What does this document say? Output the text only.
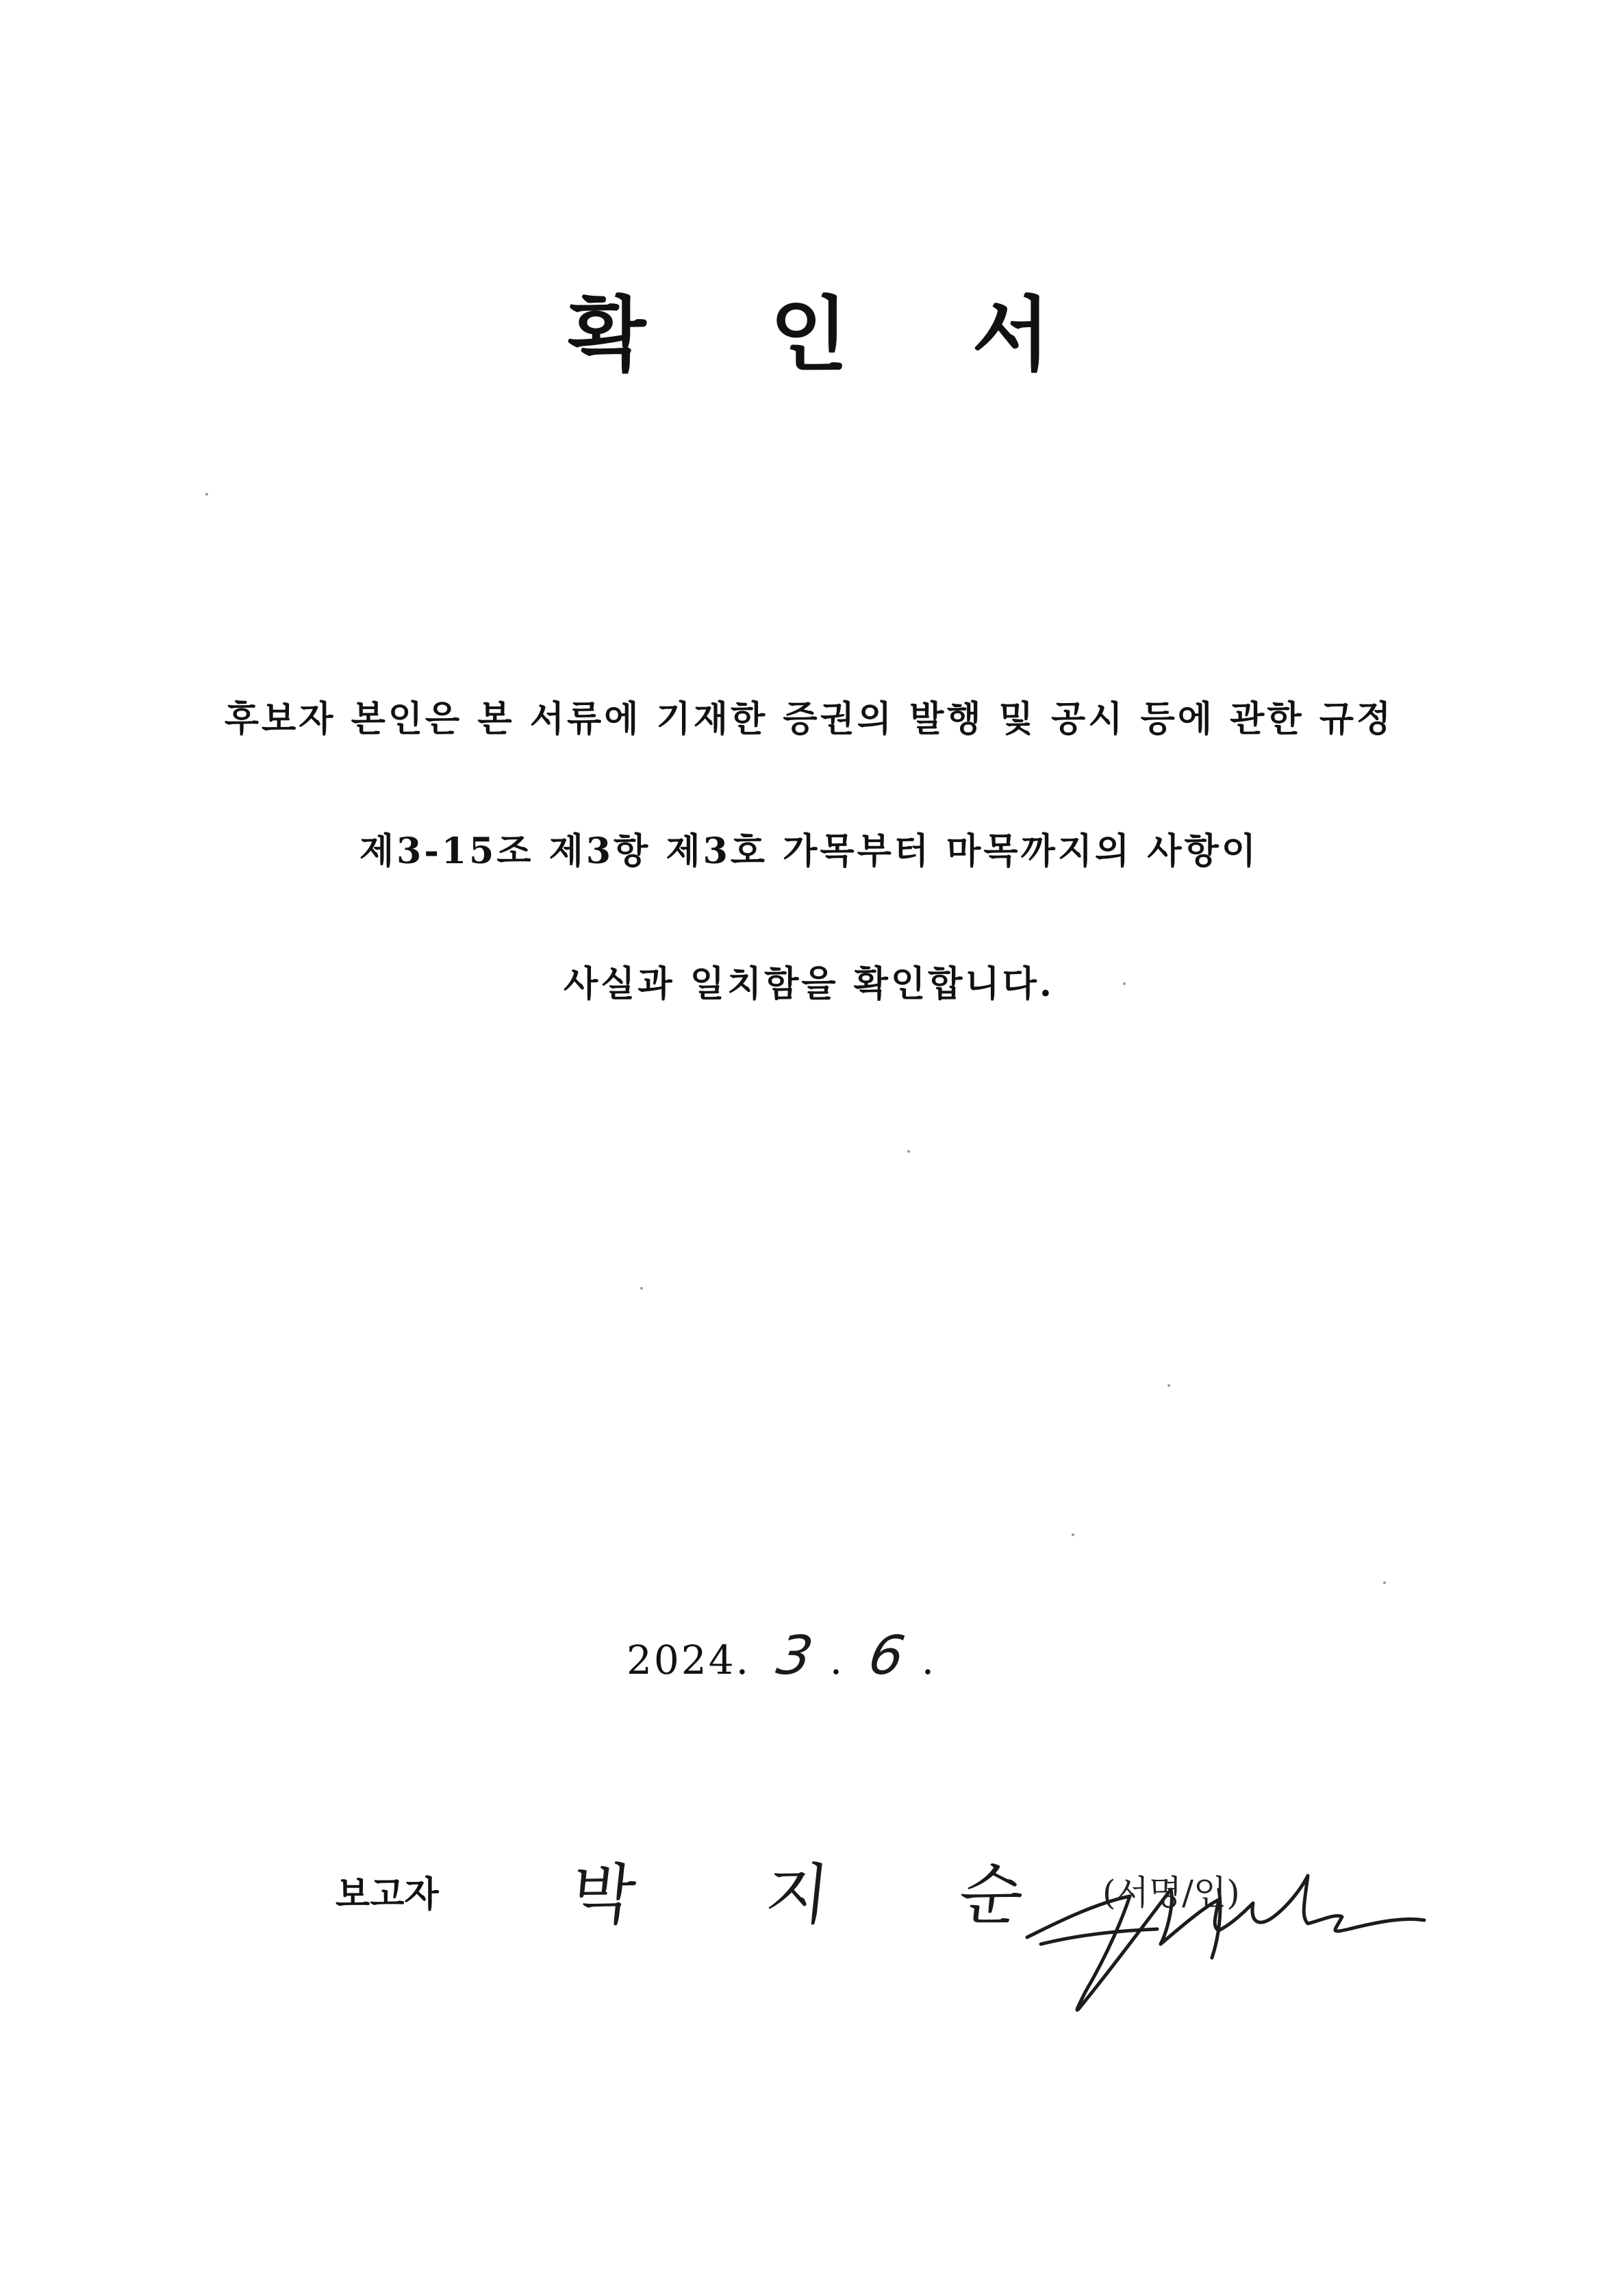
확 인 서
후보자 본인은 본 서류에 기재한 증권의 발행 및 공시 등에 관한 규정
제3-15조 제3항 제3호 가목부터 마목까지의 사항이
사실과 일치함을 확인합니다.
2024. 3 . 6 .
보고자 박 지 순 (서명/인)
